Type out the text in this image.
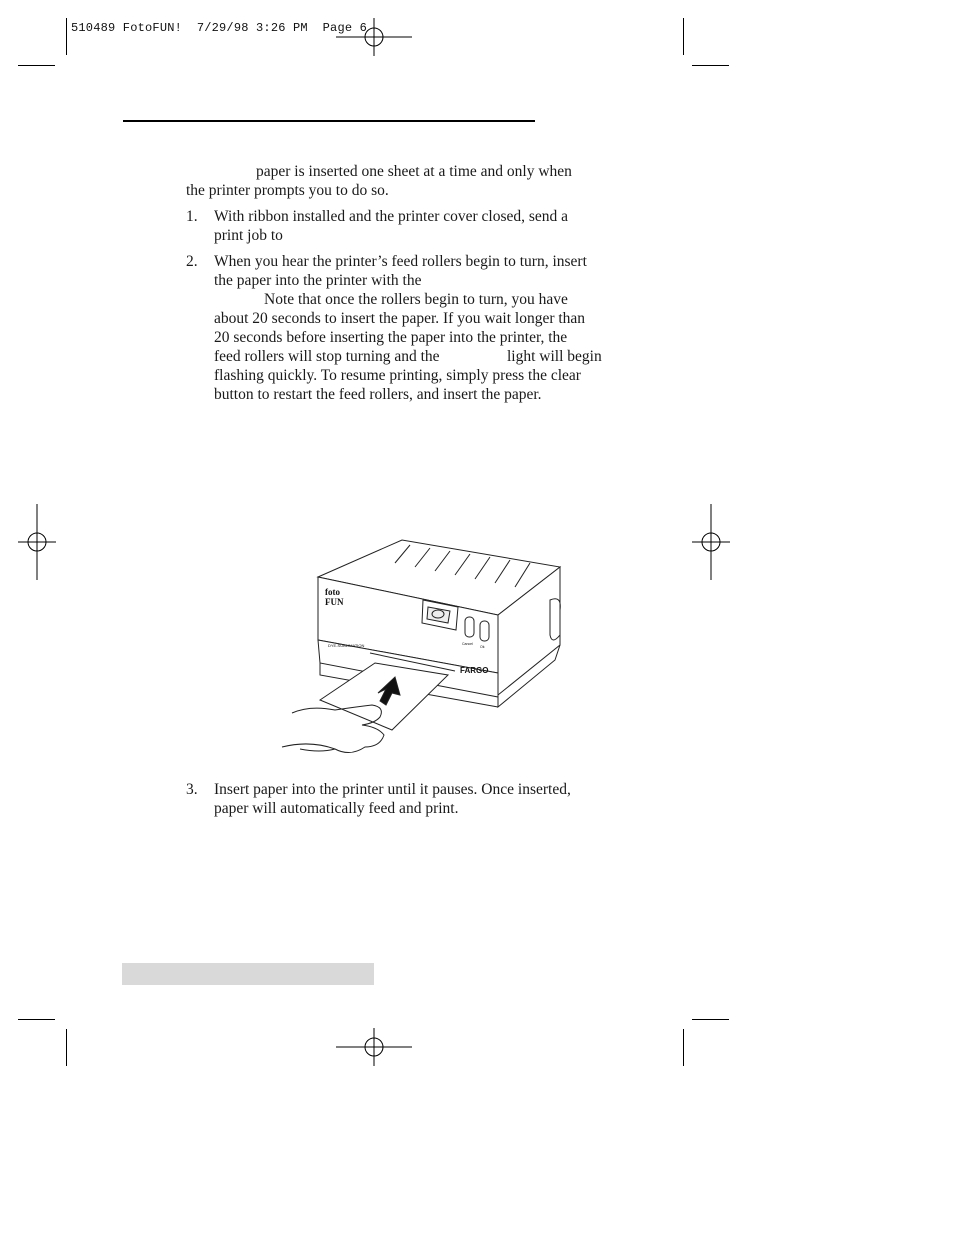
510489 FotoFUN!  7/29/98 3:26 PM  Page 6
paper is inserted one sheet at a time and only when
the printer prompts you to do so.
1. With ribbon installed and the printer cover closed, send a
print job to
2. When you hear the printer’s feed rollers begin to turn, insert
the paper into the printer with the
Note that once the rollers begin to turn, you have
about 20 seconds to insert the paper. If you wait longer than
20 seconds before inserting the paper into the printer, the
feed rollers will stop turning and the	light will begin
flashing quickly. To resume printing, simply press the clear
button to restart the feed rollers, and insert the paper.
foto
FUN
DYE-SUBLIMATION
FARGO
Cancel
Ok
3. Insert paper into the printer until it pauses. Once inserted,
paper will automatically feed and print.
